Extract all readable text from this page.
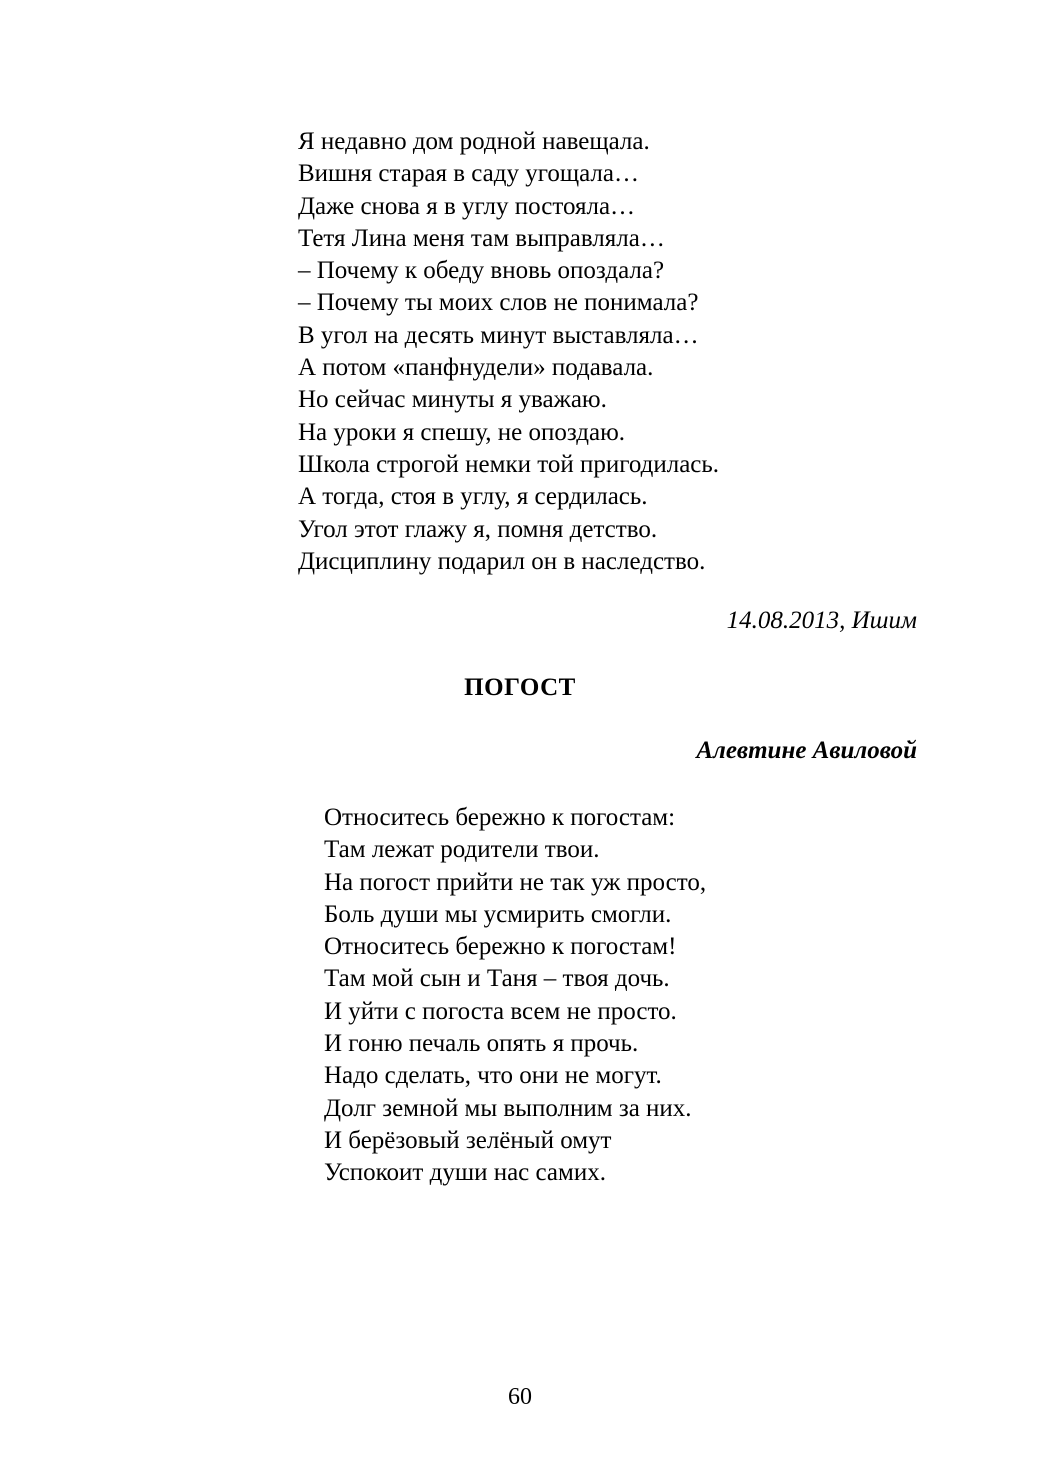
Я недавно дом родной навещала.
Вишня старая в саду угощала…
Даже снова я в углу постояла…
Тетя Лина меня там выправляла…
– Почему к обеду вновь опоздала?
– Почему ты моих слов не понимала?
В угол на десять минут выставляла…
А потом «панфнудели» подавала.
Но сейчас минуты я уважаю.
На уроки я спешу, не опоздаю.
Школа строгой немки той пригодилась.
А тогда, стоя в углу, я сердилась.
Угол этот глажу я, помня детство.
Дисциплину подарил он в наследство.
14.08.2013, Ишим
ПОГОСТ
Алевтине Авиловой
Относитесь бережно к погостам:
Там лежат родители твои.
На погост прийти не так уж просто,
Боль души мы усмирить смогли.
Относитесь бережно к погостам!
Там мой сын и Таня – твоя дочь.
И уйти с погоста всем не просто.
И гоню печаль опять я прочь.
Надо сделать, что они не могут.
Долг земной мы выполним за них.
И берёзовый зелёный омут
Успокоит души нас самих.
60
